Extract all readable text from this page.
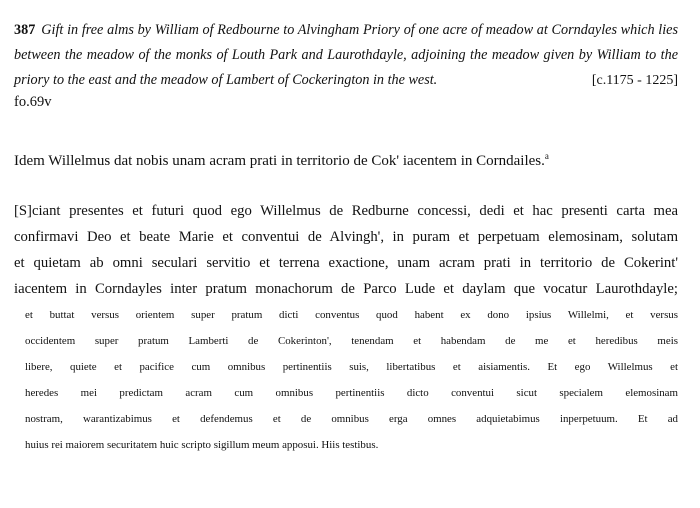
387 Gift in free alms by William of Redbourne to Alvingham Priory of one acre of meadow at Corndayles which lies between the meadow of the monks of Louth Park and Laurothdayle, adjoining the meadow given by William to the priory to the east and the meadow of Lambert of Cockerington in the west.	[c.1175 - 1225]

fo.69v

Idem Willelmus dat nobis unam acram prati in territorio de Cok' iacentem in Corndailes.$^a$

[S]ciant presentes et futuri quod ego Willelmus de Redburne concessi, dedi et hac presenti carta mea
confirmavi Deo et beate Marie et conventui de Alvingh', in puram et perpetuam elemosinam, solutam
et quietam ab omni seculari servitio et terrena exactione, unam acram prati in territorio de Cokerint'
iacentem in Corndayles inter pratum monachorum de Parco Lude et daylam que vocatur Laurothdayle;
et buttat versus orientem super pratum dicti conventus quod habent ex dono ipsius Willelmi, et versus
occidentem super pratum Lamberti de Cokerinton', tenendam et habendam de me et heredibus meis
libere, quiete et pacifice cum omnibus pertinentiis suis, libertatibus et aisiamentis. Et ego Willelmus et
heredes mei predictam acram cum omnibus pertinentiis dicto conventui sicut specialem elemosinam
nostram, warantizabimus et defendemus et de omnibus erga omnes adquietabimus inperpetuum. Et ad
huius rei maiorem securitatem huic scripto sigillum meum apposui. Hiis testibus.
